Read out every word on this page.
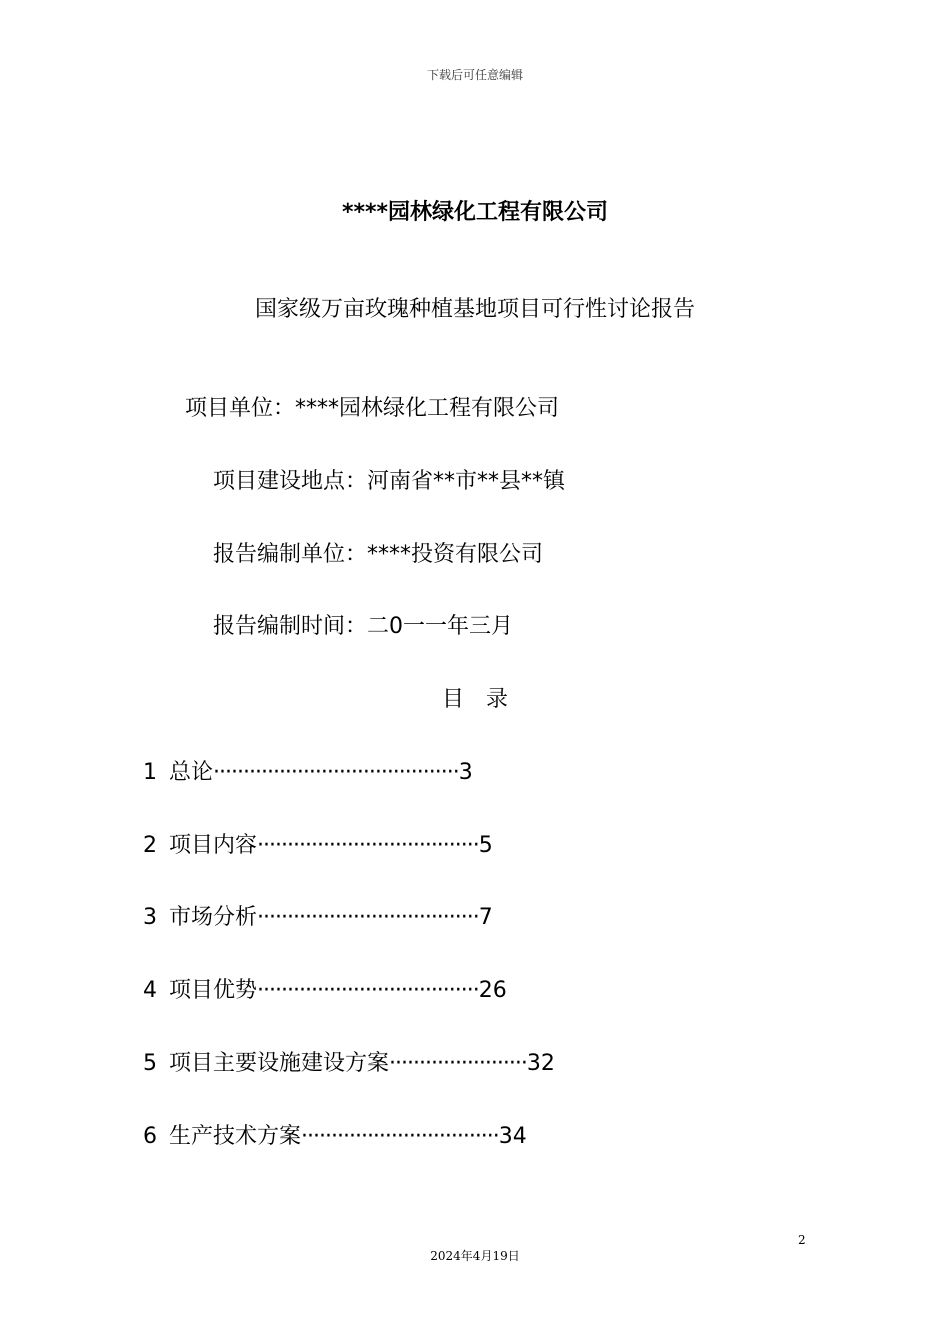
下载后可任意编辑
****园林绿化工程有限公司
国家级万亩玫瑰种植基地项目可行性讨论报告
项目单位：****园林绿化工程有限公司
项目建设地点：河南省**市**县**镇
报告编制单位：****投资有限公司
报告编制时间：二0一一年三月
目录
1 总论·········································3
2 项目内容·····································5
3 市场分析·····································7
4 项目优势·····································26
5 项目主要设施建设方案·······················32
6 生产技术方案·································34
2
2024年4月19日
